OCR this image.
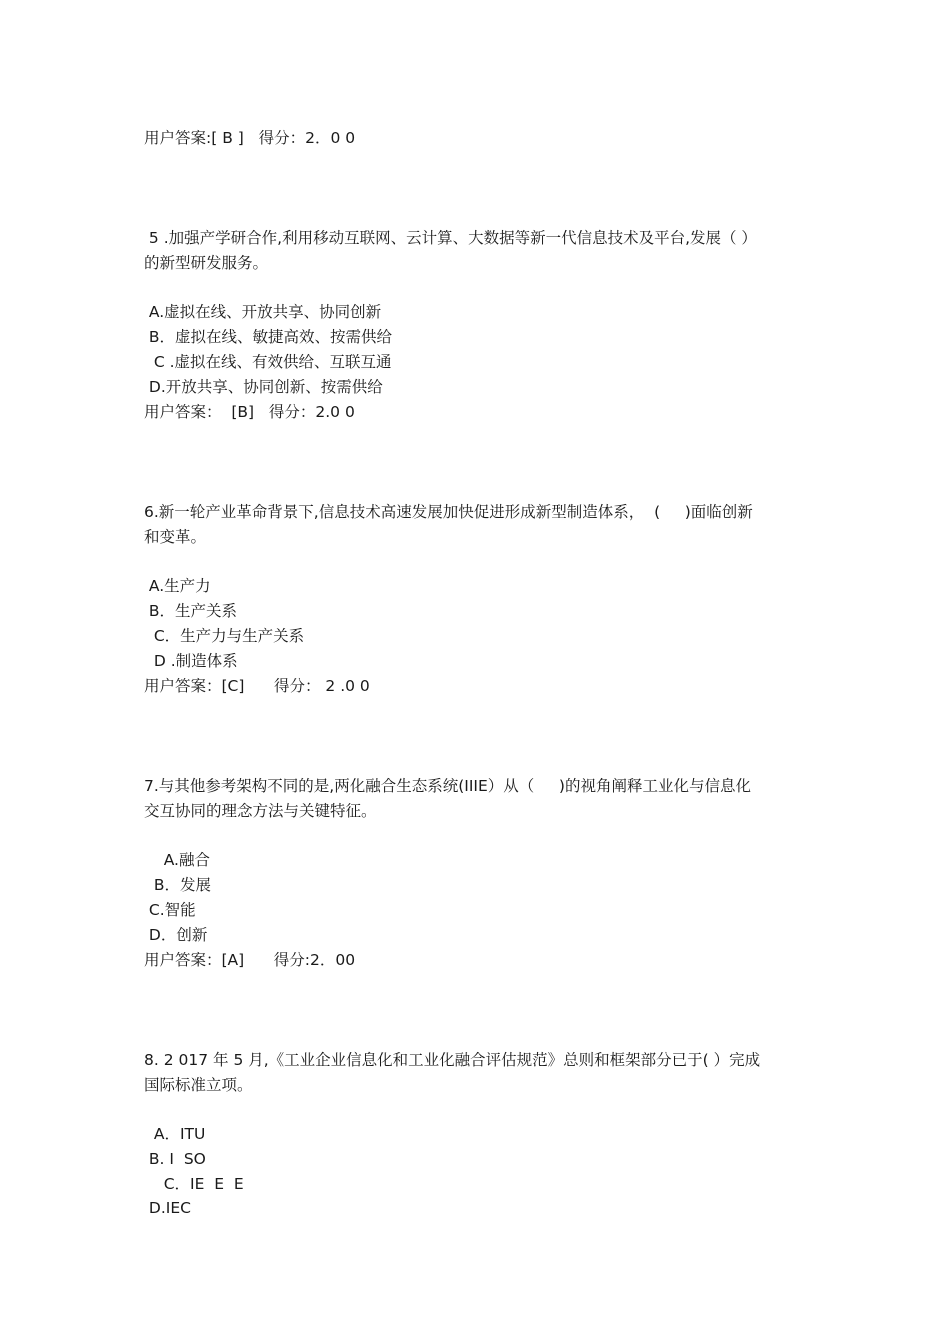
用户答案:[ B ]   得分：2．0 0
5 .加强产学研合作,利用移动互联网、云计算、大数据等新一代信息技术及平台,发展（ ）
的新型研发服务。
A.虚拟在线、开放共享、协同创新
B．虚拟在线、敏捷高效、按需供给
C .虚拟在线、有效供给、互联互通
D.开放共享、协同创新、按需供给
用户答案：  [B]   得分：2.0 0
6.新一轮产业革命背景下,信息技术高速发展加快促进形成新型制造体系，  (     )面临创新
和变革。
A.生产力
B．生产关系
C．生产力与生产关系
D .制造体系
用户答案：[C]      得分： 2 .0 0
7.与其他参考架构不同的是,两化融合生态系统(IIIE）从（     )的视角阐释工业化与信息化
交互协同的理念方法与关键特征。
A.融合
B．发展
C.智能
D．创新
用户答案：[A]      得分:2．00
8. 2 017 年 5 月,《工业企业信息化和工业化融合评估规范》总则和框架部分已于( ）完成
国际标准立项。
A．ITU
B. I  SO
C．IE  E  E
D.IEC
